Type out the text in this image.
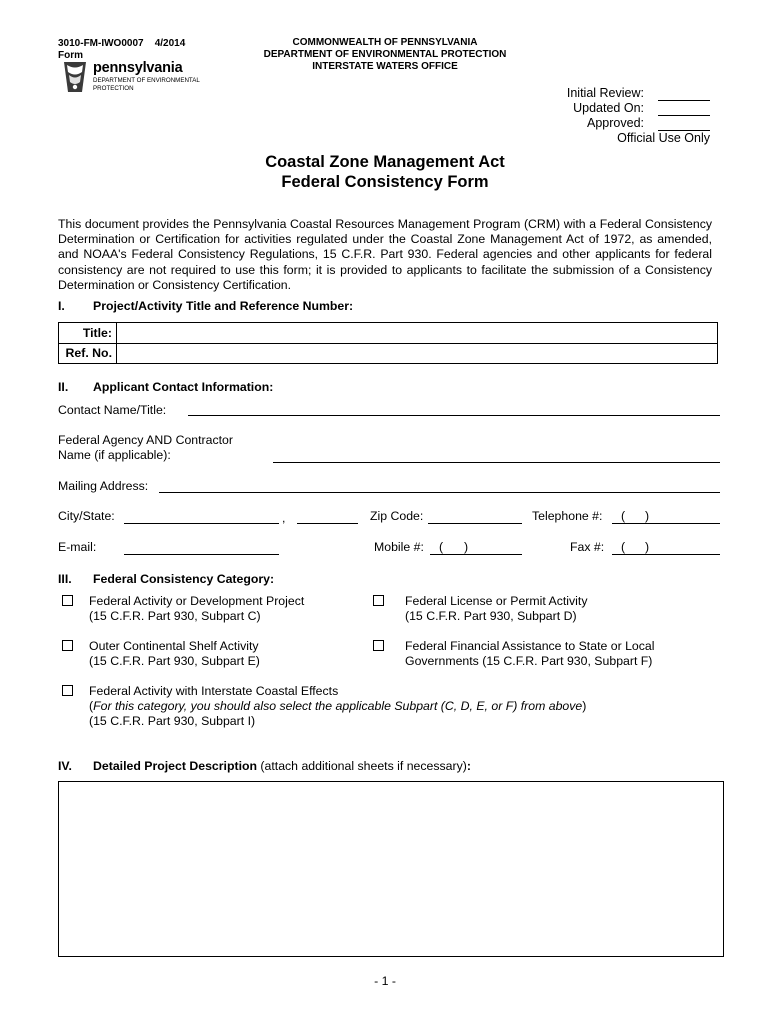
3010-FM-IWO0007 4/2014
Form
pennsylvania
DEPARTMENT OF ENVIRONMENTAL
PROTECTION
COMMONWEALTH OF PENNSYLVANIA
DEPARTMENT OF ENVIRONMENTAL PROTECTION
INTERSTATE WATERS OFFICE
Initial Review:
Updated On:
Approved:
Official Use Only
Coastal Zone Management Act
Federal Consistency Form
This document provides the Pennsylvania Coastal Resources Management Program (CRM) with a Federal Consistency Determination or Certification for activities regulated under the Coastal Zone Management Act of 1972, as amended, and NOAA's Federal Consistency Regulations, 15 C.F.R. Part 930. Federal agencies and other applicants for federal consistency are not required to use this form; it is provided to applicants to facilitate the submission of a Consistency Determination or Consistency Certification.
I. Project/Activity Title and Reference Number:
Title:
Ref. No.
II. Applicant Contact Information:
Contact Name/Title:
Federal Agency AND Contractor
Name (if applicable):
Mailing Address:
City/State:	,	Zip Code:	Telephone #: ( )
E-mail:	Mobile #: ( )	Fax #: ( )
III. Federal Consistency Category:
Federal Activity or Development Project
(15 C.F.R. Part 930, Subpart C)
Federal License or Permit Activity
(15 C.F.R. Part 930, Subpart D)
Outer Continental Shelf Activity
(15 C.F.R. Part 930, Subpart E)
Federal Financial Assistance to State or Local
Governments (15 C.F.R. Part 930, Subpart F)
Federal Activity with Interstate Coastal Effects
(For this category, you should also select the applicable Subpart (C, D, E, or F) from above)
(15 C.F.R. Part 930, Subpart I)
IV. Detailed Project Description (attach additional sheets if necessary):
- 1 -
